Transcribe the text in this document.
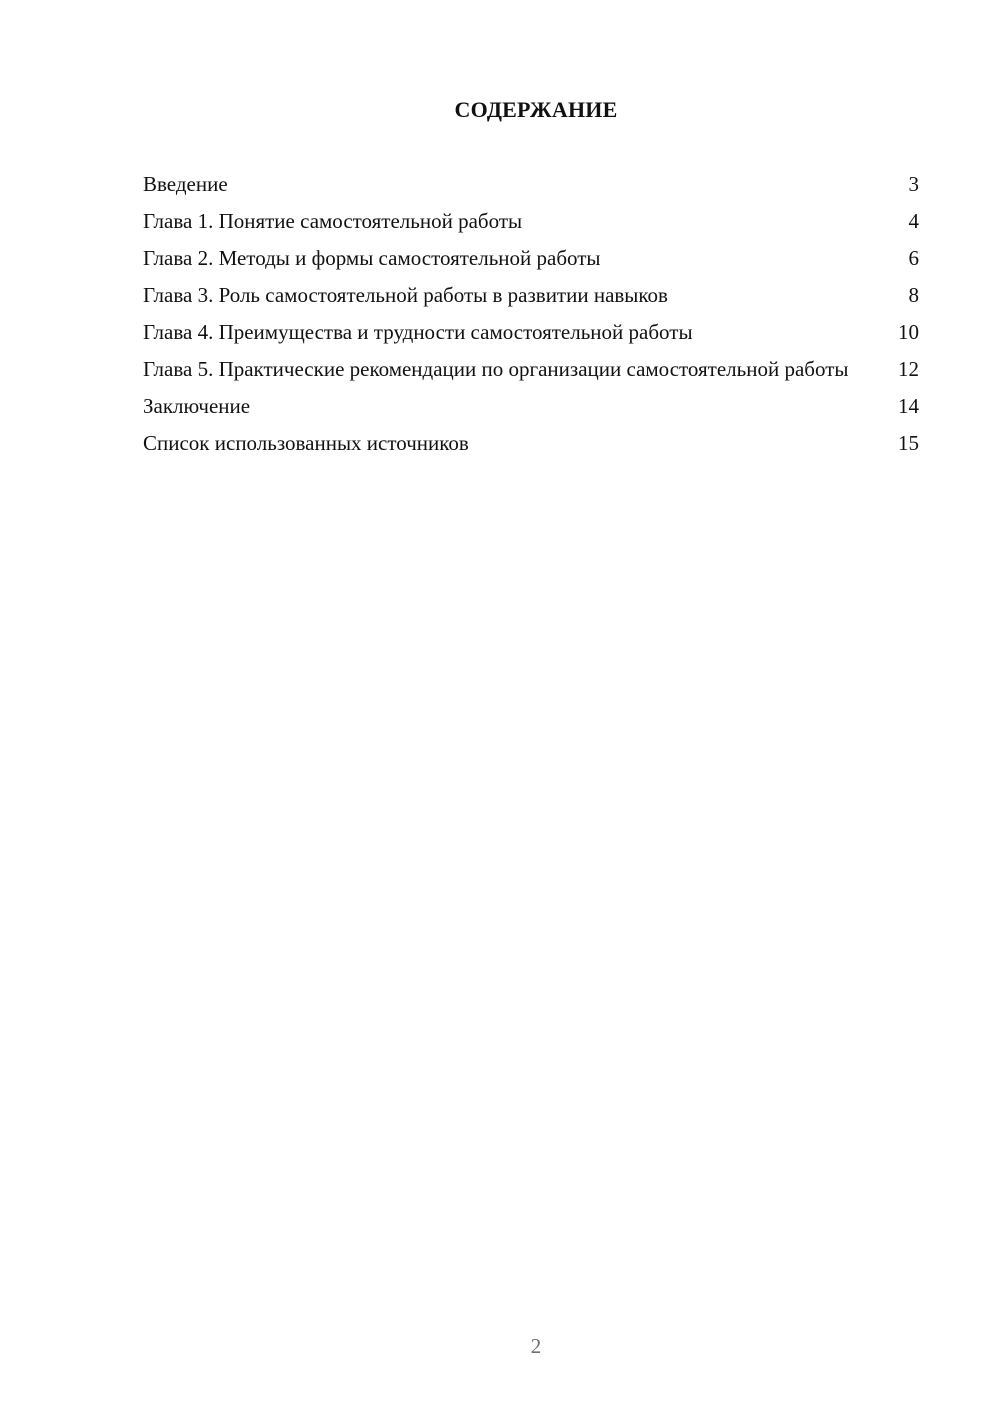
СОДЕРЖАНИЕ
Введение	3
Глава 1. Понятие самостоятельной работы	4
Глава 2. Методы и формы самостоятельной работы	6
Глава 3. Роль самостоятельной работы в развитии навыков	8
Глава 4. Преимущества и трудности самостоятельной работы	10
Глава 5. Практические рекомендации по организации самостоятельной работы	12
Заключение	14
Список использованных источников	15
2
